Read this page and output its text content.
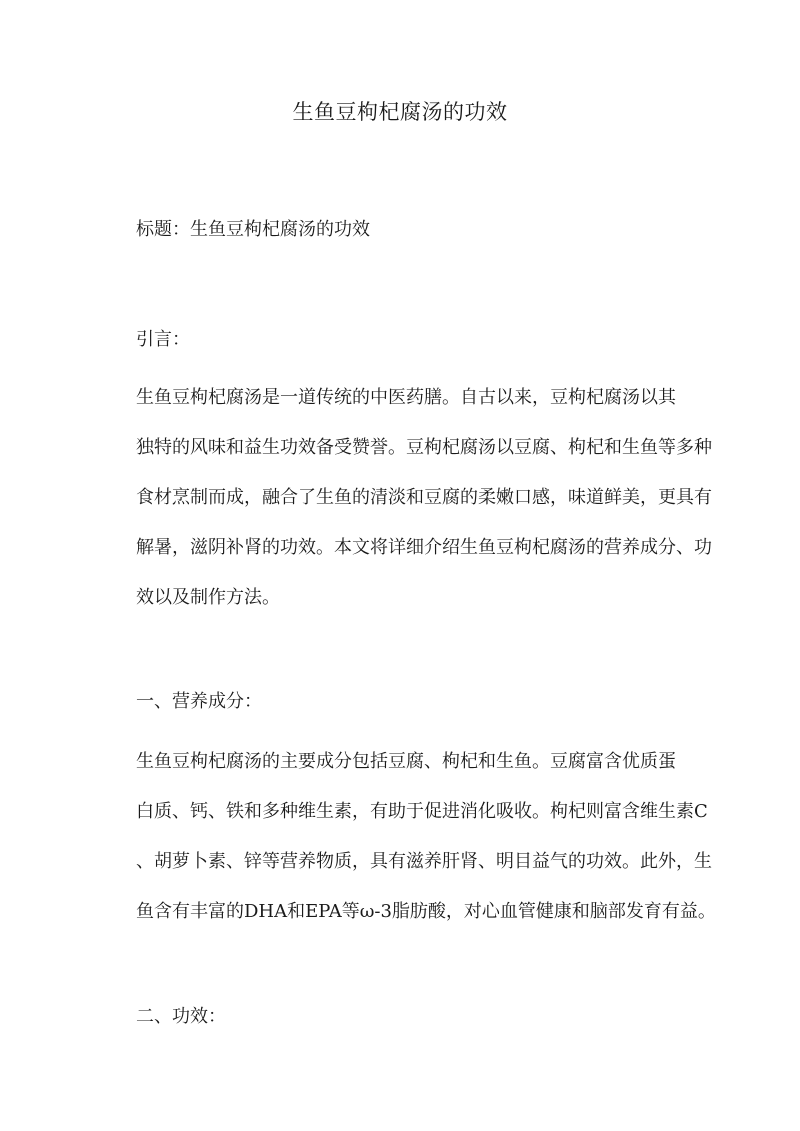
生鱼豆枸杞腐汤的功效
标题：生鱼豆枸杞腐汤的功效
引言：
生鱼豆枸杞腐汤是一道传统的中医药膳。自古以来，豆枸杞腐汤以其
独特的风味和益生功效备受赞誉。豆枸杞腐汤以豆腐、枸杞和生鱼等多种
食材烹制而成，融合了生鱼的清淡和豆腐的柔嫩口感，味道鲜美，更具有
解暑，滋阴补肾的功效。本文将详细介绍生鱼豆枸杞腐汤的营养成分、功
效以及制作方法。
一、营养成分：
生鱼豆枸杞腐汤的主要成分包括豆腐、枸杞和生鱼。豆腐富含优质蛋
白质、钙、铁和多种维生素，有助于促进消化吸收。枸杞则富含维生素C
、胡萝卜素、锌等营养物质，具有滋养肝肾、明目益气的功效。此外，生
鱼含有丰富的DHA和EPA等ω-3脂肪酸，对心血管健康和脑部发育有益。
二、功效：
